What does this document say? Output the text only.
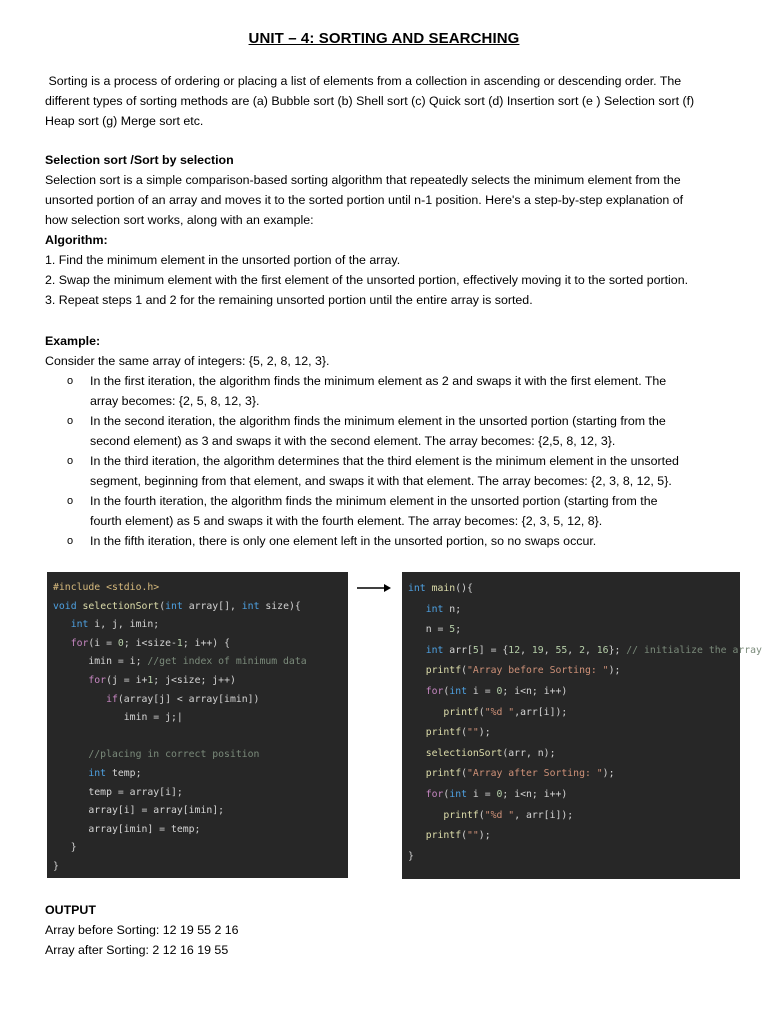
UNIT – 4: SORTING AND SEARCHING
Sorting is a process of ordering or placing a list of elements from a collection in ascending or descending order. The
different types of sorting methods are (a) Bubble sort (b) Shell sort (c) Quick sort (d) Insertion sort (e ) Selection sort (f)
Heap sort (g) Merge sort etc.
Selection sort /Sort by selection
Selection sort is a simple comparison-based sorting algorithm that repeatedly selects the minimum element from the
unsorted portion of an array and moves it to the sorted portion until n-1 position. Here's a step-by-step explanation of
how selection sort works, along with an example:
Algorithm:
1. Find the minimum element in the unsorted portion of the array.
2. Swap the minimum element with the first element of the unsorted portion, effectively moving it to the sorted portion.
3. Repeat steps 1 and 2 for the remaining unsorted portion until the entire array is sorted.
Example:
Consider the same array of integers: {5, 2, 8, 12, 3}.
o In the first iteration, the algorithm finds the minimum element as 2 and swaps it with the first element. The
array becomes: {2, 5, 8, 12, 3}.
o In the second iteration, the algorithm finds the minimum element in the unsorted portion (starting from the
second element) as 3 and swaps it with the second element. The array becomes: {2,5, 8, 12, 3}.
o In the third iteration, the algorithm determines that the third element is the minimum element in the unsorted
segment, beginning from that element, and swaps it with that element. The array becomes: {2, 3, 8, 12, 5}.
o In the fourth iteration, the algorithm finds the minimum element in the unsorted portion (starting from the
fourth element) as 5 and swaps it with the fourth element. The array becomes: {2, 3, 5, 12, 8}.
o In the fifth iteration, there is only one element left in the unsorted portion, so no swaps occur.
#include <stdio.h>
void selectionSort(int array[], int size){
int i, j, imin;
for(i = 0; i<size-1; i++) {
imin = i; //get index of minimum data
for(j = i+1; j<size; j++)
if(array[j] < array[imin])
imin = j;|
//placing in correct position
int temp;
temp = array[i];
array[i] = array[imin];
array[imin] = temp;
}
}
int main(){
int n;
n = 5;
int arr[5] = {12, 19, 55, 2, 16}; // initialize the array
printf("Array before Sorting: ");
for(int i = 0; i<n; i++)
printf("%d ",arr[i]);
printf("");
selectionSort(arr, n);
printf("Array after Sorting: ");
for(int i = 0; i<n; i++)
printf("%d ", arr[i]);
printf("");
}
OUTPUT
Array before Sorting: 12 19 55 2 16
Array after Sorting: 2 12 16 19 55
